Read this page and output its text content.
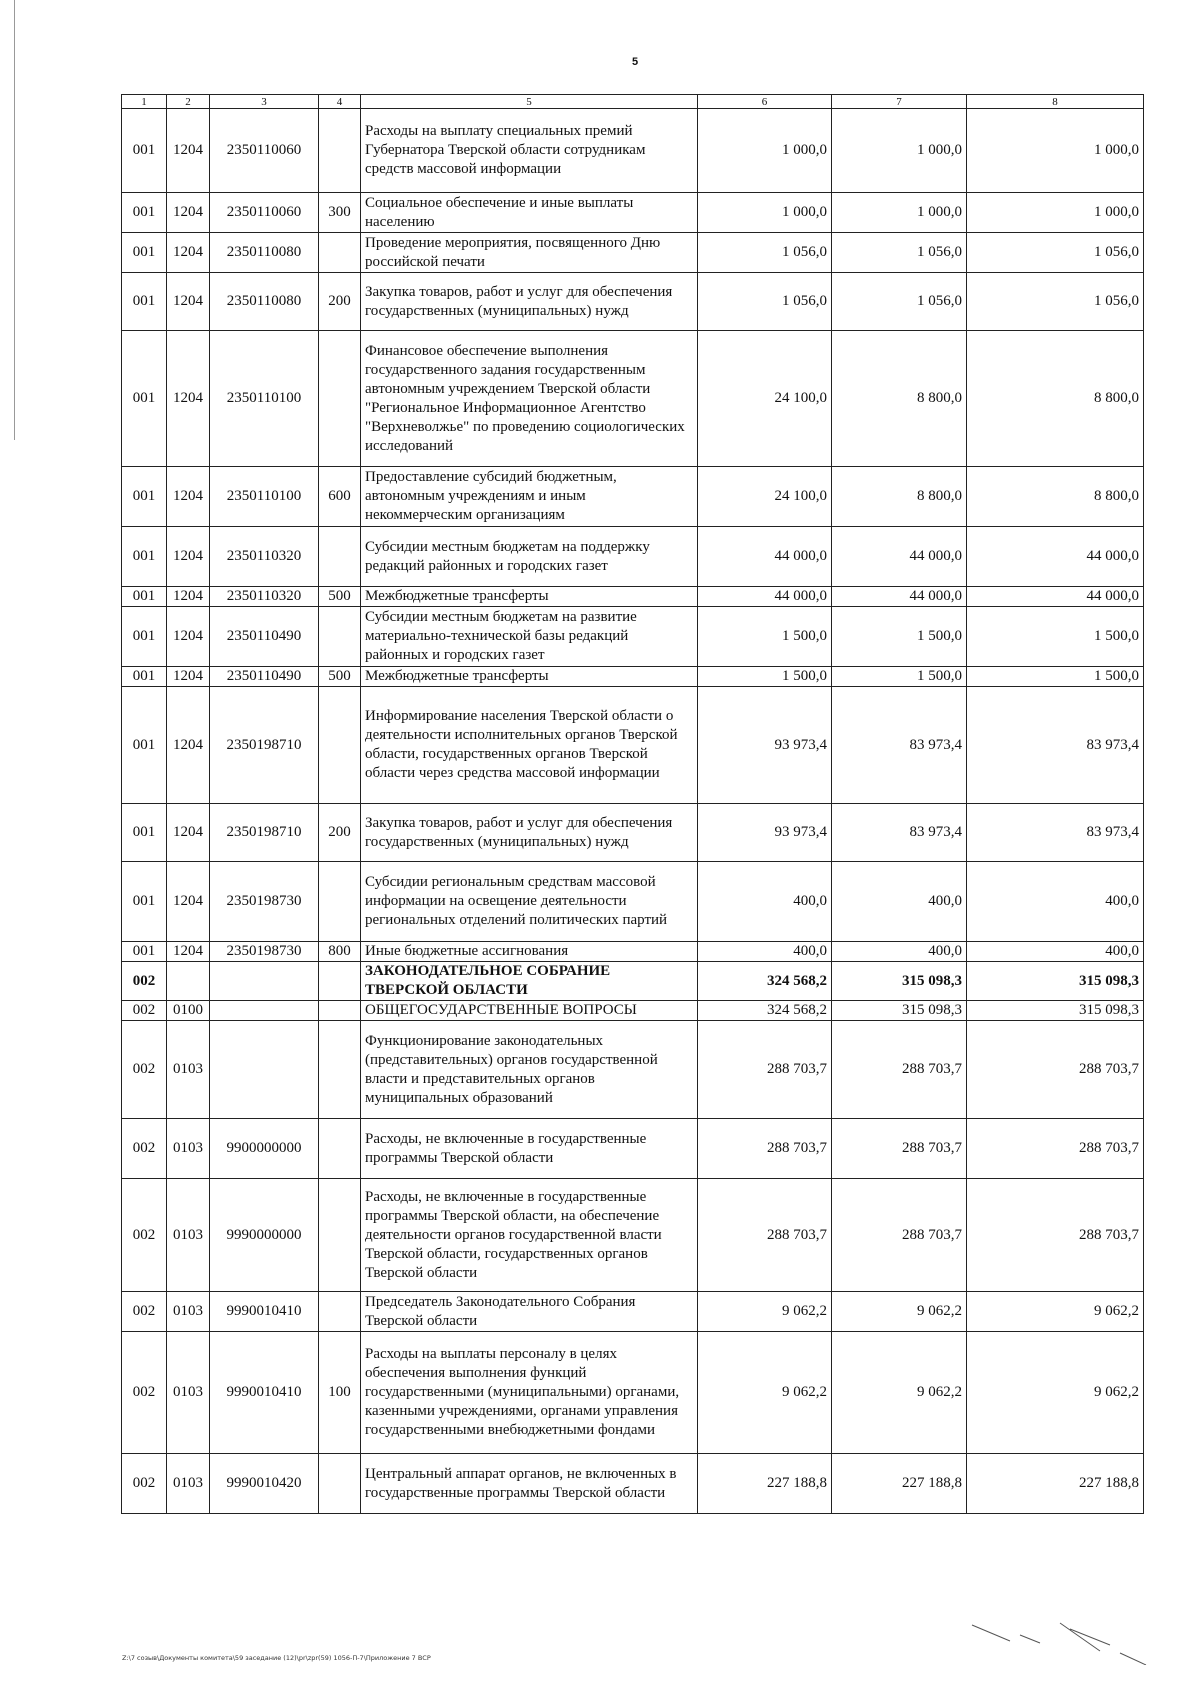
5
1	2	3	4	5	6	7	8
001	1204	2350110060		Расходы на выплату специальных премий Губернатора Тверской области сотрудникам средств массовой информации	1 000,0	1 000,0	1 000,0
001	1204	2350110060	300	Социальное обеспечение и иные выплаты населению	1 000,0	1 000,0	1 000,0
001	1204	2350110080		Проведение мероприятия, посвященного Дню российской печати	1 056,0	1 056,0	1 056,0
001	1204	2350110080	200	Закупка товаров, работ и услуг для обеспечения государственных (муниципальных) нужд	1 056,0	1 056,0	1 056,0
001	1204	2350110100		Финансовое обеспечение выполнения государственного задания государственным автономным учреждением Тверской области "Региональное Информационное Агентство "Верхневолжье" по проведению социологических исследований	24 100,0	8 800,0	8 800,0
001	1204	2350110100	600	Предоставление субсидий бюджетным, автономным учреждениям и иным некоммерческим организациям	24 100,0	8 800,0	8 800,0
001	1204	2350110320		Субсидии местным бюджетам на поддержку редакций районных и городских газет	44 000,0	44 000,0	44 000,0
001	1204	2350110320	500	Межбюджетные трансферты	44 000,0	44 000,0	44 000,0
001	1204	2350110490		Субсидии местным бюджетам на развитие материально-технической базы редакций районных и городских газет	1 500,0	1 500,0	1 500,0
001	1204	2350110490	500	Межбюджетные трансферты	1 500,0	1 500,0	1 500,0
001	1204	2350198710		Информирование населения Тверской области о деятельности исполнительных органов Тверской области, государственных органов Тверской области через средства массовой информации	93 973,4	83 973,4	83 973,4
001	1204	2350198710	200	Закупка товаров, работ и услуг для обеспечения государственных (муниципальных) нужд	93 973,4	83 973,4	83 973,4
001	1204	2350198730		Субсидии региональным средствам массовой информации на освещение деятельности региональных отделений политических партий	400,0	400,0	400,0
001	1204	2350198730	800	Иные бюджетные ассигнования	400,0	400,0	400,0
002				ЗАКОНОДАТЕЛЬНОЕ СОБРАНИЕ ТВЕРСКОЙ ОБЛАСТИ	324 568,2	315 098,3	315 098,3
002	0100			ОБЩЕГОСУДАРСТВЕННЫЕ ВОПРОСЫ	324 568,2	315 098,3	315 098,3
002	0103			Функционирование законодательных (представительных) органов государственной власти и представительных органов муниципальных образований	288 703,7	288 703,7	288 703,7
002	0103	9900000000		Расходы, не включенные в государственные программы Тверской области	288 703,7	288 703,7	288 703,7
002	0103	9990000000		Расходы, не включенные в государственные программы Тверской области, на обеспечение деятельности органов государственной власти Тверской области, государственных органов Тверской области	288 703,7	288 703,7	288 703,7
002	0103	9990010410		Председатель Законодательного Собрания Тверской области	9 062,2	9 062,2	9 062,2
002	0103	9990010410	100	Расходы на выплаты персоналу в целях обеспечения выполнения функций государственными (муниципальными) органами, казенными учреждениями, органами управления государственными внебюджетными фондами	9 062,2	9 062,2	9 062,2
002	0103	9990010420		Центральный аппарат органов, не включенных в государственные программы Тверской области	227 188,8	227 188,8	227 188,8
Z:\7 созыв\Документы комитета\59 заседание (12)\pr\zpr(59) 1056-П-7\Приложение 7 ВСР
